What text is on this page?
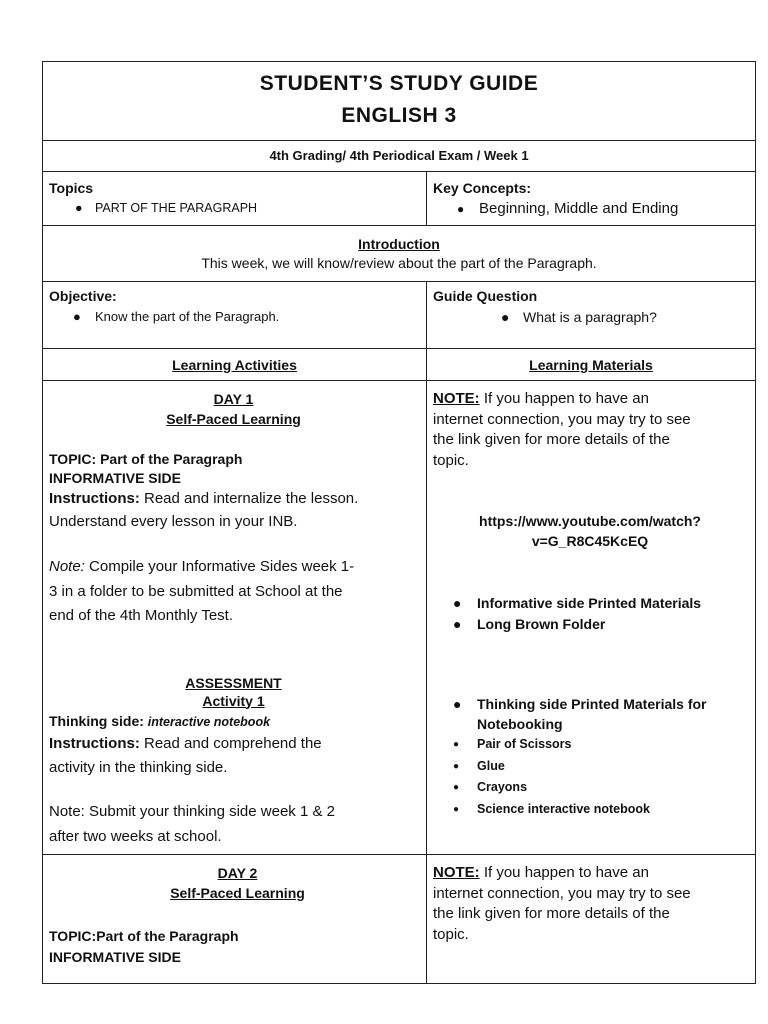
STUDENT’S STUDY GUIDE
ENGLISH 3
4th Grading/ 4th Periodical Exam / Week 1
Topics
● PART OF THE PARAGRAPH
Key Concepts:
● Beginning, Middle and Ending
Introduction
This week, we will know/review about the part of the Paragraph.
Objective:
● Know the part of the Paragraph.
Guide Question
● What is a paragraph?
Learning Activities	Learning Materials
DAY 1
Self-Paced Learning
TOPIC: Part of the Paragraph
INFORMATIVE SIDE
Instructions: Read and internalize the lesson.
Understand every lesson in your INB.
Note: Compile your Informative Sides week 1-
3 in a folder to be submitted at School at the
end of the 4th Monthly Test.
ASSESSMENT
Activity 1
Thinking side: interactive notebook
Instructions: Read and comprehend the
activity in the thinking side.
Note: Submit your thinking side week 1 & 2
after two weeks at school.
NOTE: If you happen to have an
internet connection, you may try to see
the link given for more details of the
topic.
https://www.youtube.com/watch?
v=G_R8C45KcEQ
● Informative side Printed Materials
● Long Brown Folder
● Thinking side Printed Materials for
Notebooking
● Pair of Scissors
● Glue
● Crayons
● Science interactive notebook
DAY 2
Self-Paced Learning
TOPIC:Part of the Paragraph
INFORMATIVE SIDE
NOTE: If you happen to have an
internet connection, you may try to see
the link given for more details of the
topic.
